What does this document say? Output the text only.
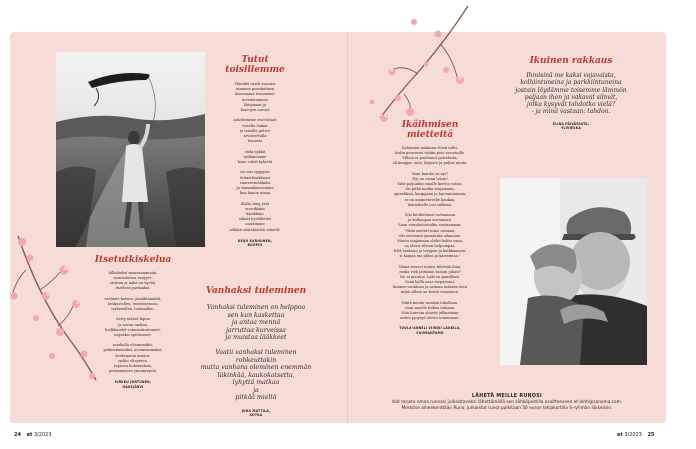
Tutut toisillemme

Ylänäkö vaatii vuosina
isiamme pusukutturn
kasvamme toisiamme
invemiinimme
likisjmaat ja
kasvojen suruet

askeleemme ovat hitaat
toisella lonkat
ja toisella polvet
arvostettulla
itsuasta

vielä sykkii
sydämemme
kone valsit-kykettä

en sais ryppyäsi
täitastilonkkaasi
suurrevärsäkiäsi
ja sumanikasvomina
kun kanon ninaa

illalla säng ystä
vievokkäin
käsikkäin
silmät hyvälleväit
naudimme
selkkiä säätaksisisä sekoittt.

KEIJO KARHUNEN,
KUOPIO

Itsetutkiskelua

tällaiheksi mauvaammatai,
monenlaisen venyyvt.
eivätan ja mikä on hyvää,
itsellent parhaaksi.

arolmitr kateen, jämähtämättä,
keskustellen, tsornitseuuta,
tarkistellen, luunnallen.

itetty määrä kipua
ja suvun tunkaa,
hoilkkoudet voimaantuttaneet,
nöyräksi opettaneet.

markalla ehoimmäkti,
pehmeämmäksi, avoimemmaksi,
kerkemmin antava,
sydän elteyteen.
repussa kokemuksia,
perimmäisen ymmärrystä.

SIRKKU JORTUNEN,
HAUSJÄRVI

Vanhaksi tuleminen

Vanhaksi tuleminen on helppoa
sen kun kaskettaa
ja antaa mennä
jarruttaa kurveissa
ja muistaa lääkkeet

Vaatii vanhaksi tuleminen rohkeuttakin
mutta vanhana oleminen enemmän
liikinkää, kaukokatsetta,
lyhyttä matkaa
ja
pitkää mieltä

JUHA MATTILA,
KOTKA

Ikäihmisen mietteitä

Kohtaatin nakkaan elosti tullit,
hodin penvermi väitän pois vaivatuille.
Silloin ei puudunut palvelutta,
oli kauppa- auto, kirjasto ja paljon muita.

Vaan kuinka on nyt?
Nyt on aivan toisin!
Siitä paljonkin sinulle kertoa voisin.
On pitkä matka taajamaan,
apteekkiin, kauppaan ja kurvantamaan;
se on ammottavelle kaukaa,
ikätauhelle tosi valkeaa.

Sits kotikerinast sottamaan
ja kulkaupaa aovomaan.
Saan viranhoitotoiliin vastaamaan:
"Niita asetutt nimo osmaan,
olis tarvinnut ymmärtää aikanaan.
Muuta taajamaan olehti kohta vaan,
on elossi siltsen helpompaa.
IIttä taakuun jo torppan ja kaikkamaan,
si kaipaa ma pihan ja kasvitmaa."

Nämä neuvot minna tiilertää ihan,
muka vieli jättämin tumun pihan?
No ei muutoa. Laki on pantillani,
Saan kyllä asua torpassani,
kunnes vanhinan ja satman määrän teen
mikä silloin on kotini viimeinen.

Näitä mietin mcnkin tahollaan,
vaan muulle fiakea tahtaan.
Niin harvoin olojeta julkaistaan
miten pysytyö olevin toimintaan.

TUULA-ANNELI VIINIKI LAUKILA,
SUOMANTAMO

Ikuinen rakkaus

Ihmisinä me kaksi vajavaista,
kolhiintuneina ja parkkiintuneina
jostain löydämme toisemme lämmön
paljaan ihon ja vakavat silmät,
jotka kysyvät tahdotko vielä?
- ja minä vastaan: tahdon.

ELINA PÄIVÄRINTA,
YLIVIESKA

LÄHETÄ MEILLE RUNOSI

Voit tarjota omaa runoasi julkaistavaksi lähettämällä sen sähköpostilla osoitteeseen et-lehti@sanoma.com.
Merkitse aiheekenttään Runo. Julkaistut runot palkitaan 50 euron lahjakortilla S-ryhmän liikkeisiin.

24 et 3/2023	et 3/2023 25
